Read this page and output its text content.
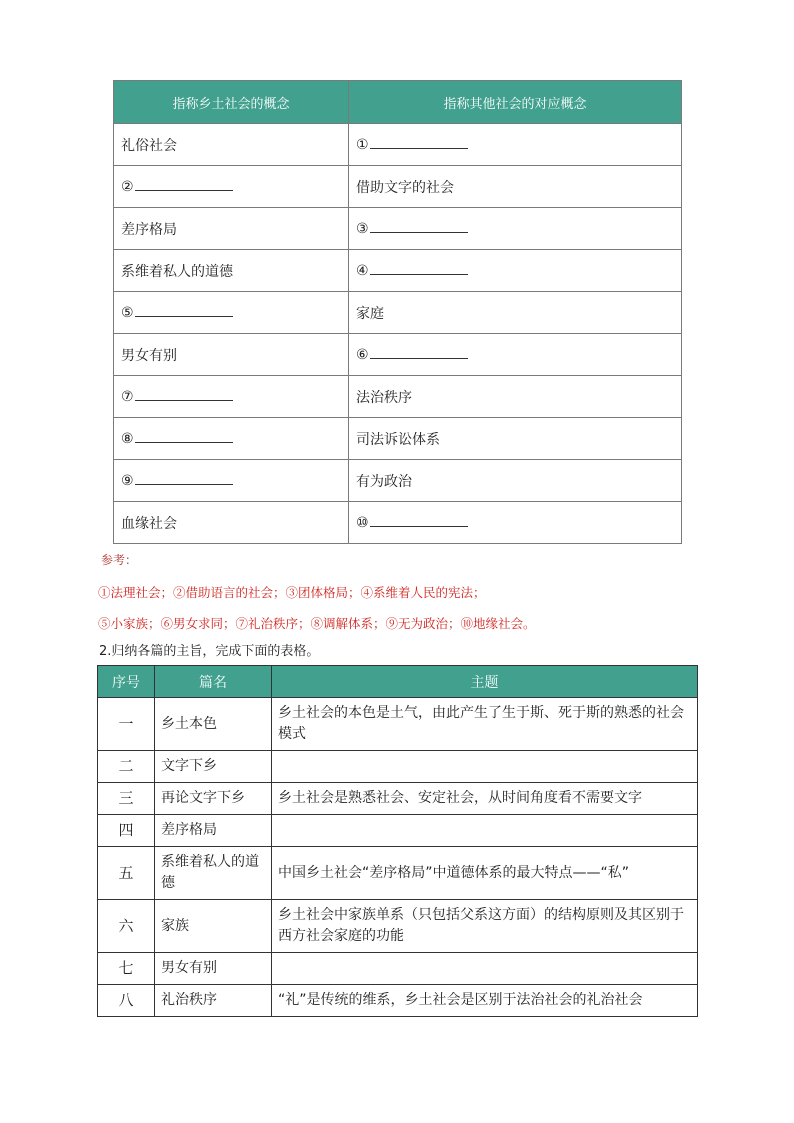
指称乡土社会的概念	指称其他社会的对应概念
礼俗社会	①
②	借助文字的社会
差序格局	③
系维着私人的道德	④
⑤	家庭
男女有别	⑥
⑦	法治秩序
⑧	司法诉讼体系
⑨	有为政治
血缘社会	⑩
参考：
①法理社会；②借助语言的社会；③团体格局；④系维着人民的宪法；
⑤小家族；⑥男女求同；⑦礼治秩序；⑧调解体系；⑨无为政治；⑩地缘社会。
2.归纳各篇的主旨，完成下面的表格。
序号	篇名	主题
一	乡土本色	乡土社会的本色是土气，由此产生了生于斯、死于斯的熟悉的社会模式
二	文字下乡	
三	再论文字下乡	乡土社会是熟悉社会、安定社会，从时间角度看不需要文字
四	差序格局	
五	系维着私人的道德	中国乡土社会“差序格局”中道德体系的最大特点——“私”
六	家族	乡土社会中家族单系（只包括父系这方面）的结构原则及其区别于西方社会家庭的功能
七	男女有别	
八	礼治秩序	“礼”是传统的维系，乡土社会是区别于法治社会的礼治社会
